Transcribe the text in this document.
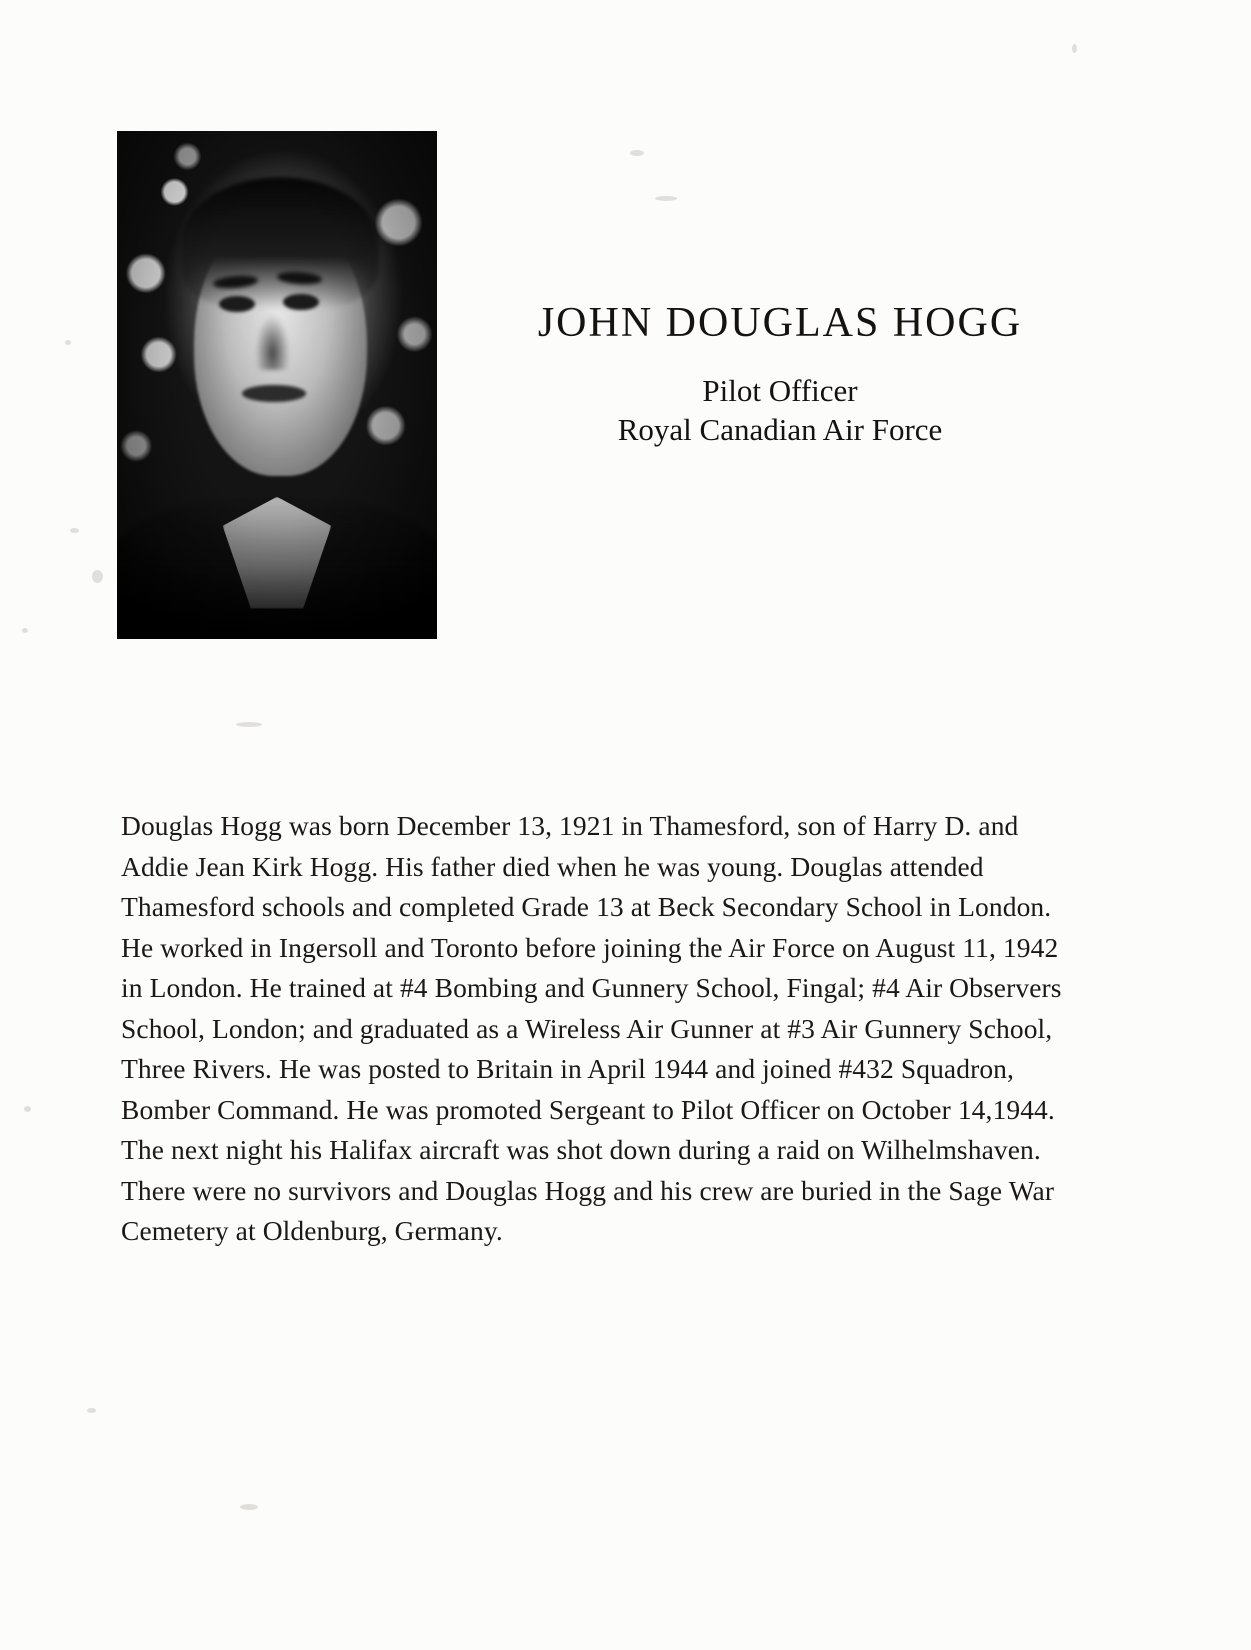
JOHN DOUGLAS HOGG
Pilot Officer
Royal Canadian Air Force

Douglas Hogg was born December 13, 1921 in Thamesford, son of Harry D. and Addie Jean Kirk Hogg. His father died when he was young. Douglas attended Thamesford schools and completed Grade 13 at Beck Secondary School in London. He worked in Ingersoll and Toronto before joining the Air Force on August 11, 1942 in London. He trained at #4 Bombing and Gunnery School, Fingal; #4 Air Observers School, London; and graduated as a Wireless Air Gunner at #3 Air Gunnery School, Three Rivers. He was posted to Britain in April 1944 and joined #432 Squadron, Bomber Command. He was promoted Sergeant to Pilot Officer on October 14,1944. The next night his Halifax aircraft was shot down during a raid on Wilhelmshaven. There were no survivors and Douglas Hogg and his crew are buried in the Sage War Cemetery at Oldenburg, Germany.
